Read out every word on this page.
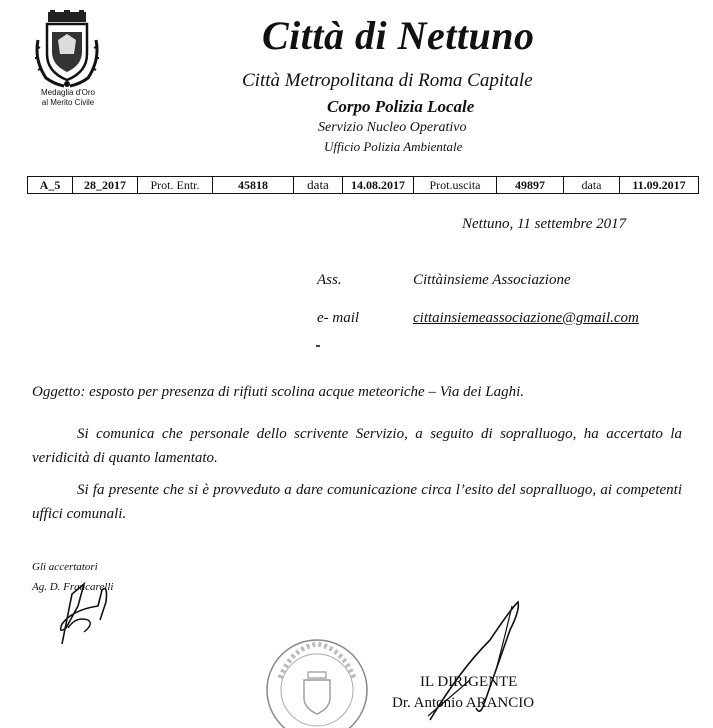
Medaglia d'Oro
al Merito Civile
Città di Nettuno
Città Metropolitana di Roma Capitale
Corpo Polizia Locale
Servizio Nucleo Operativo
Ufficio Polizia Ambientale
A_5	28_2017	Prot. Entr.	45818	data	14.08.2017	Prot.uscita	49897	data	11.09.2017
Nettuno, 11 settembre 2017
Ass.	Cittàinsieme Associazione
e- mail	cittainsiemeassociazione@gmail.com
Oggetto: esposto per presenza di rifiuti scolina acque meteoriche – Via dei Laghi.
Si comunica che personale dello scrivente Servizio, a seguito di sopralluogo, ha accertato la veridicità di quanto lamentato.
Si fa presente che si è provveduto a dare comunicazione circa l’esito del sopralluogo, ai competenti uffici comunali.
Gli accertatori
Ag. D. Francarelli
IL DIRIGENTE
Dr. Antonio ARANCIO
